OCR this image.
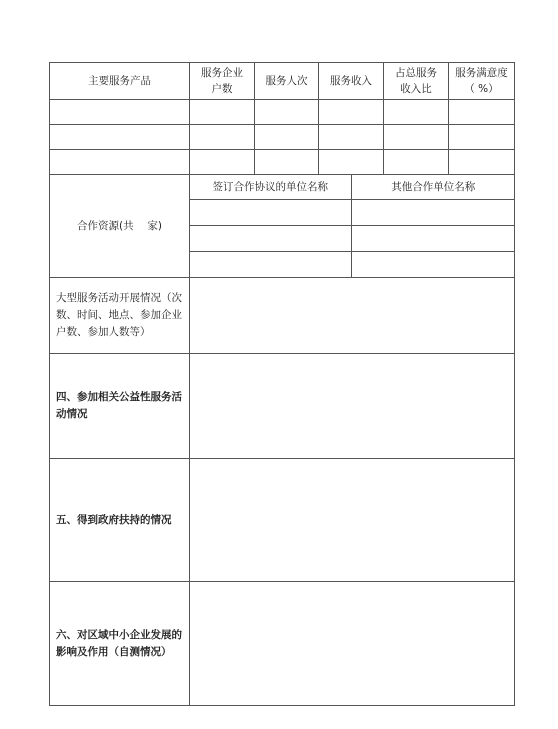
主要服务产品	服务企业户数	服务人次	服务收入	占总服务收入比	服务满意度（ %）

合作资源(共　 家)	
签订合作协议的单位名称	其他合作单位名称

大型服务活动开展情况（次数、时间、地点、参加企业户数、参加人数等）	
四、参加相关公益性服务活动情况	
五、得到政府扶持的情况	
六、对区域中小企业发展的影响及作用（自测情况）	
